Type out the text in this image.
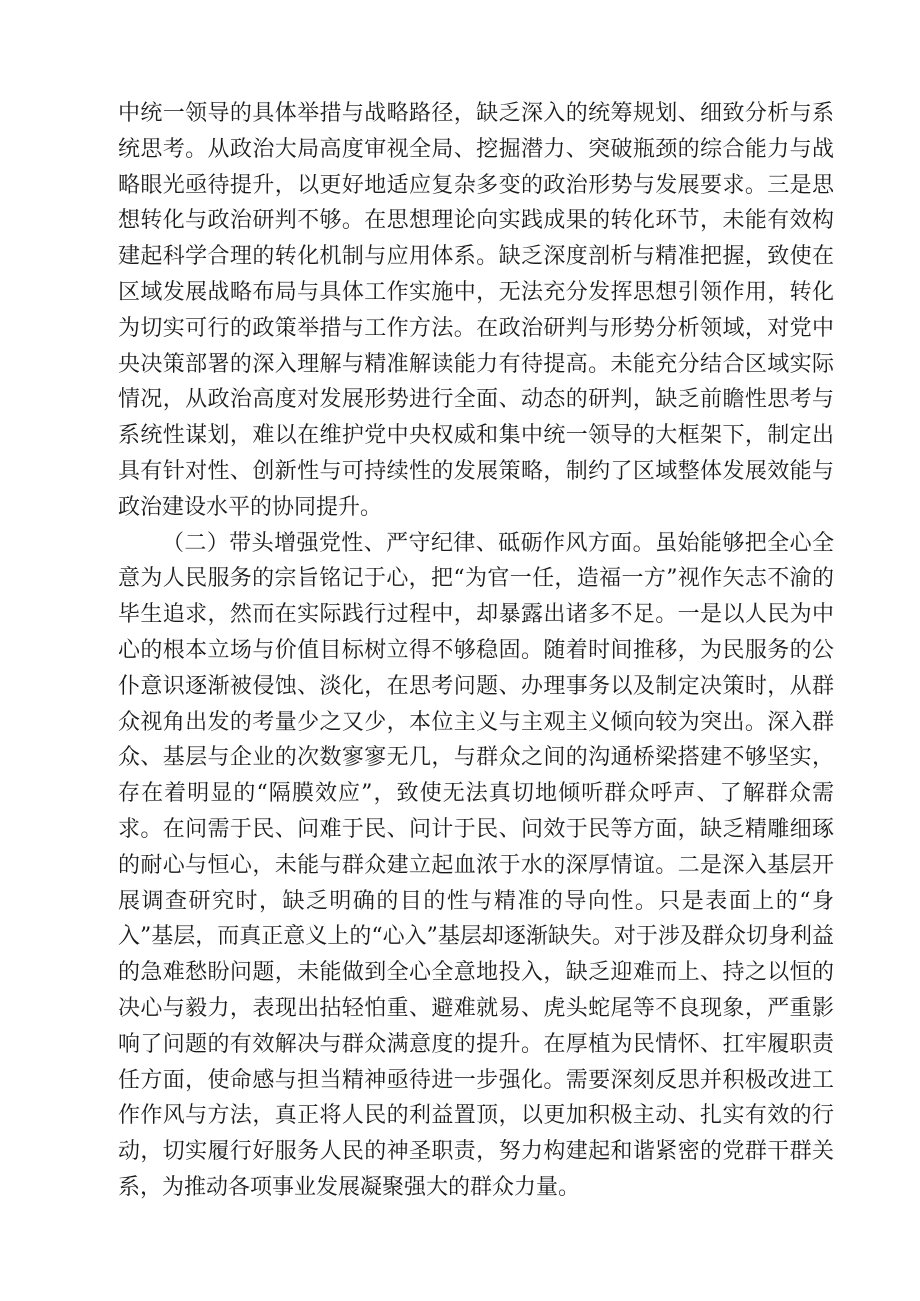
中统一领导的具体举措与战略路径，缺乏深入的统筹规划、细致分析与系统思考。从政治大局高度审视全局、挖掘潜力、突破瓶颈的综合能力与战略眼光亟待提升，以更好地适应复杂多变的政治形势与发展要求。三是思想转化与政治研判不够。在思想理论向实践成果的转化环节，未能有效构建起科学合理的转化机制与应用体系。缺乏深度剖析与精准把握，致使在区域发展战略布局与具体工作实施中，无法充分发挥思想引领作用，转化为切实可行的政策举措与工作方法。在政治研判与形势分析领域，对党中央决策部署的深入理解与精准解读能力有待提高。未能充分结合区域实际情况，从政治高度对发展形势进行全面、动态的研判，缺乏前瞻性思考与系统性谋划，难以在维护党中央权威和集中统一领导的大框架下，制定出具有针对性、创新性与可持续性的发展策略，制约了区域整体发展效能与政治建设水平的协同提升。

（二）带头增强党性、严守纪律、砥砺作风方面。虽始能够把全心全意为人民服务的宗旨铭记于心，把“为官一任，造福一方”视作矢志不渝的毕生追求，然而在实际践行过程中，却暴露出诸多不足。一是以人民为中心的根本立场与价值目标树立得不够稳固。随着时间推移，为民服务的公仆意识逐渐被侵蚀、淡化，在思考问题、办理事务以及制定决策时，从群众视角出发的考量少之又少，本位主义与主观主义倾向较为突出。深入群众、基层与企业的次数寥寥无几，与群众之间的沟通桥梁搭建不够坚实，存在着明显的“隔膜效应”，致使无法真切地倾听群众呼声、了解群众需求。在问需于民、问难于民、问计于民、问效于民等方面，缺乏精雕细琢的耐心与恒心，未能与群众建立起血浓于水的深厚情谊。二是深入基层开展调查研究时，缺乏明确的目的性与精准的导向性。只是表面上的“身入”基层，而真正意义上的“心入”基层却逐渐缺失。对于涉及群众切身利益的急难愁盼问题，未能做到全心全意地投入，缺乏迎难而上、持之以恒的决心与毅力，表现出拈轻怕重、避难就易、虎头蛇尾等不良现象，严重影响了问题的有效解决与群众满意度的提升。在厚植为民情怀、扛牢履职责任方面，使命感与担当精神亟待进一步强化。需要深刻反思并积极改进工作作风与方法，真正将人民的利益置顶，以更加积极主动、扎实有效的行动，切实履行好服务人民的神圣职责，努力构建起和谐紧密的党群干群关系，为推动各项事业发展凝聚强大的群众力量。
